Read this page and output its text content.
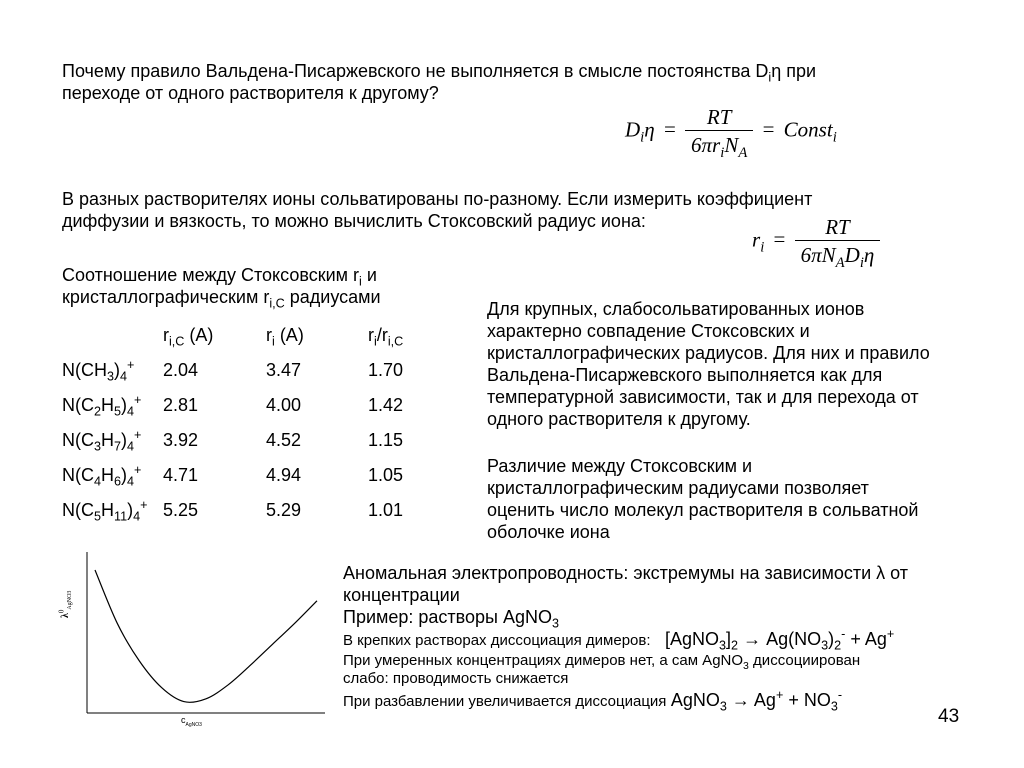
Почему правило Вальдена-Писаржевского не выполняется в смысле постоянства $D_i\eta$ при
переходе от одного растворителя к другому?
$D_i\eta = \frac{RT}{6\pi r_iN_A}$ = Const$_i$
В разных растворителях ионы сольватированы по-разному. Если измерить коэффициент
диффузии и вязкость, то можно вычислить Стоксовский радиус иона:
$r_i = \frac{RT}{6\pi N_AD_i\eta}$
Соотношение между Стоксовским $r_i$ и
кристаллографическим $r_{i,C}$ радиусами
	$r_{i,C}$ (A)	$r_i$ (A)	$r_i/r_{i,C}$
$N(CH_3)_4^+$	2.04	3.47	1.70
$N(C_2H_5)_4^+$	2.81	4.00	1.42
$N(C_3H_7)_4^+$	3.92	4.52	1.15
$N(C_4H_6)_4^+$	4.71	4.94	1.05
$N(C_5H_{11})_4^+$	5.25	5.29	1.01
Для крупных, слабосольватированных ионов
характерно совпадение Стоксовских и
кристаллографических радиусов. Для них и правило
Вальдена-Писаржевского выполняется как для
температурной зависимости, так и для перехода от
одного растворителя к другому.
Различие между Стоксовским и
кристаллографическим радиусами позволяет
оценить число молекул растворителя в сольватной
оболочке иона
$\lambda^0_{AgNO3}$
$c_{AgNO3}$
Аномальная электропроводность: экстремумы на зависимости λ от
концентрации
Пример: растворы AgNO$_3$
В крепких растворах диссоциация димеров: $[AgNO_3]_2 \to Ag(NO_3)_2^- + Ag^+$
При умеренных концентрациях димеров нет, а сам AgNO$_3$ диссоциирован
слабо: проводимость снижается
При разбавлении увеличивается диссоциация AgNO$_3$ → $Ag^+ + NO_3^-$
43
